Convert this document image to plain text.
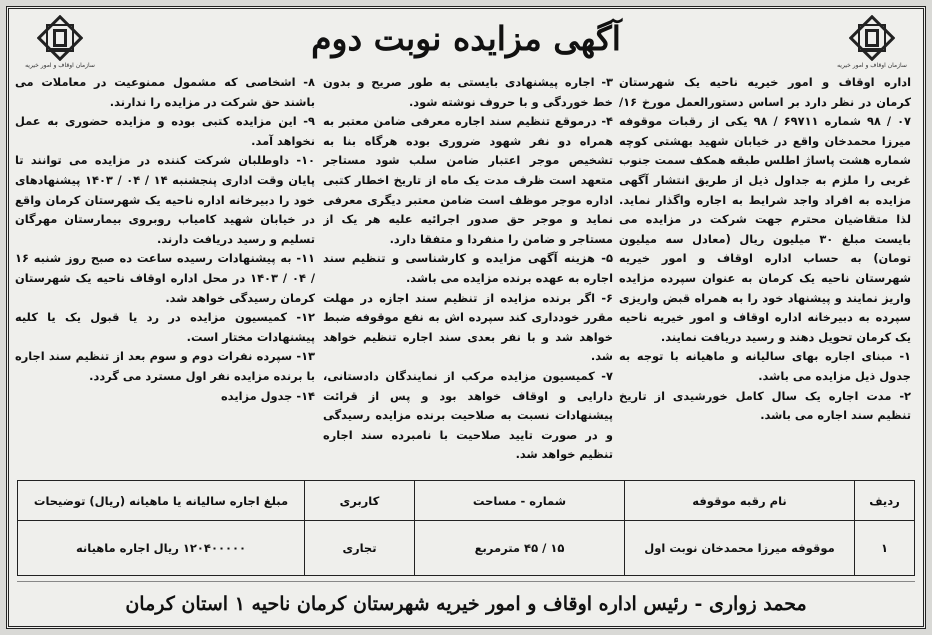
سازمان اوقاف و امور خیریه
آگهی مزایده نوبت دوم
سازمان اوقاف و امور خیریه

اداره اوقاف و امور خیریه ناحیه یک شهرستان کرمان در نظر دارد بر اساس دستورالعمل مورخ ۱۶/ ۰۷ / ۹۸ شماره ۶۹۷۱۱ / ۹۸ یکی از رقبات موقوفه میرزا محمدخان واقع در خیابان شهید بهشتی کوچه شماره هشت پاساژ اطلس طبقه همکف سمت جنوب غربی را ملزم به جداول ذیل از طریق انتشار آگهی مزایده به افراد واجد شرایط به اجاره واگذار نماید. لذا متقاضیان محترم جهت شرکت در مزایده می بایست مبلغ ۳۰ میلیون ریال (معادل سه میلیون تومان) به حساب اداره اوقاف و امور خیریه شهرستان ناحیه یک کرمان به عنوان سپرده مزایده واریز نمایند و پیشنهاد خود را به همراه قبض واریزی سپرده به دبیرخانه اداره اوقاف و امور خیریه ناحیه یک کرمان تحویل دهند و رسید دریافت نمایند.

۱- مبنای اجاره بهای سالیانه و ماهیانه با توجه به جدول ذیل مزایده می باشد.

۲- مدت اجاره یک سال کامل خورشیدی از تاریخ تنظیم سند اجاره می باشد.

۳- اجاره پیشنهادی بایستی به طور صریح و بدون خط خوردگی و با حروف نوشته شود.

۴- درموقع تنظیم سند اجاره معرفی ضامن معتبر به همراه دو نفر شهود ضروری بوده هرگاه بنا به تشخیص موجر اعتبار ضامن سلب شود مستاجر متعهد است ظرف مدت یک ماه از تاریخ اخطار کتبی اداره موجر موظف است ضامن معتبر دیگری معرفی نماید و موجر حق صدور اجرائیه علیه هر یک از مستاجر و ضامن را منفردا و متفقا دارد.

۵- هزینه آگهی مزایده و کارشناسی و تنظیم سند اجاره به عهده برنده مزایده می باشد.

۶- اگر برنده مزایده از تنظیم سند اجازه در مهلت مقرر خودداری کند سپرده اش به نفع موقوفه ضبط خواهد شد و با نفر بعدی سند اجاره تنظیم خواهد شد.

۷- کمیسیون مزایده مرکب از نمایندگان دادستانی، دارایی و اوقاف خواهد بود و پس از قرائت پیشنهادات نسبت به صلاحیت برنده مزایده رسیدگی و در صورت تایید صلاحیت با نامبرده سند اجاره تنظیم خواهد شد.

۸- اشخاصی که مشمول ممنوعیت در معاملات می باشند حق شرکت در مزایده را ندارند.

۹- این مزایده کتبی بوده و مزایده حضوری به عمل نخواهد آمد.

۱۰- داوطلبان شرکت کننده در مزایده می توانند تا پایان وقت اداری پنجشنبه ۱۴ / ۰۴ / ۱۴۰۳ پیشنهادهای خود را دبیرخانه اداره ناحیه یک شهرستان کرمان واقع در خیابان شهید کامیاب روبروی بیمارستان مهرگان تسلیم و رسید دریافت دارند.

۱۱- به پیشنهادات رسیده ساعت ده صبح روز شنبه ۱۶ / ۰۴ / ۱۴۰۳ در محل اداره اوقاف ناحیه یک شهرستان کرمان رسیدگی خواهد شد.

۱۲- کمیسیون مزایده در رد یا قبول یک یا کلیه پیشنهادات مختار است.

۱۳- سپرده نفرات دوم و سوم بعد از تنظیم سند اجاره با برنده مزایده نفر اول مسترد می گردد.

۱۴- جدول مزایده

ردیف	نام رقبه موقوفه	شماره - مساحت	کاربری	مبلغ اجاره سالیانه یا ماهیانه (ریال) توضیحات
۱	موقوفه میرزا محمدخان نوبت اول	۱۵ / ۴۵ مترمربع	تجاری	۱۲۰۴۰۰۰۰۰ ریال اجاره ماهیانه
محمد زواری - رئیس اداره اوقاف و امور خیریه شهرستان کرمان ناحیه ۱ استان کرمان
